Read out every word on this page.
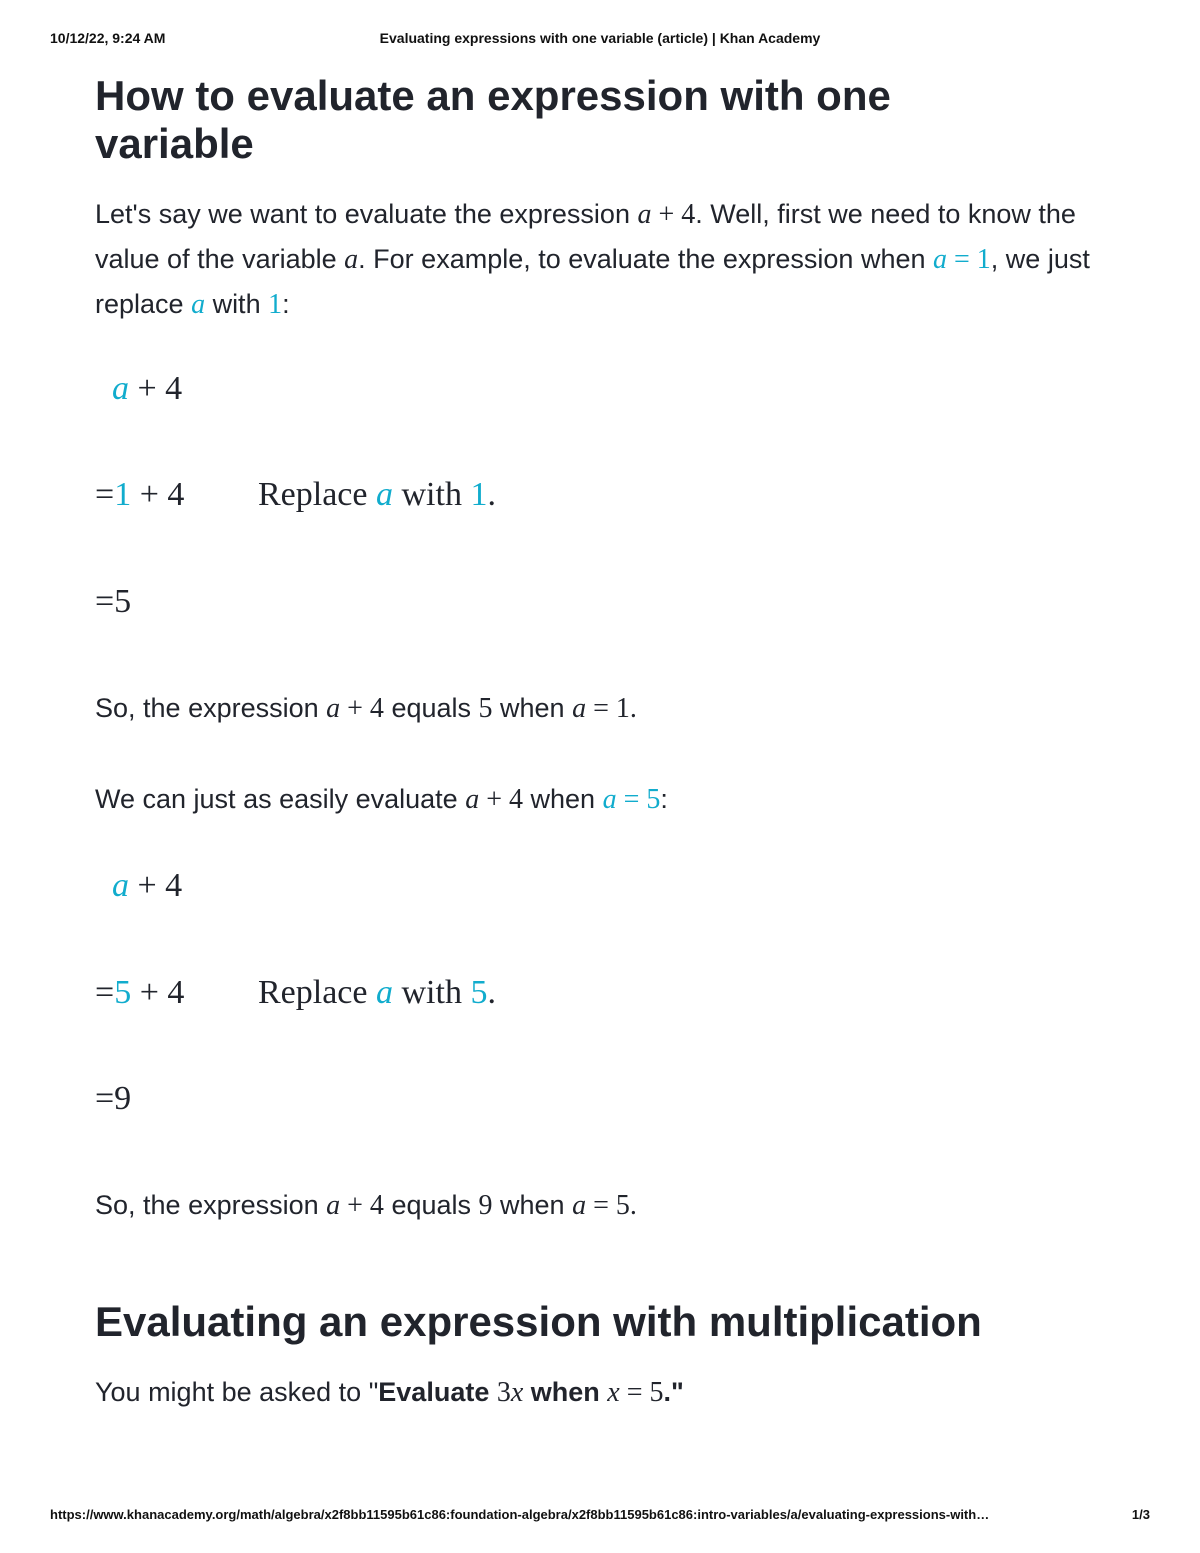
10/12/22, 9:24 AM	Evaluating expressions with one variable (article) | Khan Academy
How to evaluate an expression with one variable
Let's say we want to evaluate the expression a + 4. Well, first we need to know the value of the variable a. For example, to evaluate the expression when a = 1, we just replace a with 1:
a + 4
=1 + 4 Replace a with 1.
=5
So, the expression a + 4 equals 5 when a = 1.
We can just as easily evaluate a + 4 when a = 5:
a + 4
=5 + 4 Replace a with 5.
=9
So, the expression a + 4 equals 9 when a = 5.
Evaluating an expression with multiplication
You might be asked to "Evaluate 3x when x = 5."
https://www.khanacademy.org/math/algebra/x2f8bb11595b61c86:foundation-algebra/x2f8bb11595b61c86:intro-variables/a/evaluating-expressions-with…	1/3
